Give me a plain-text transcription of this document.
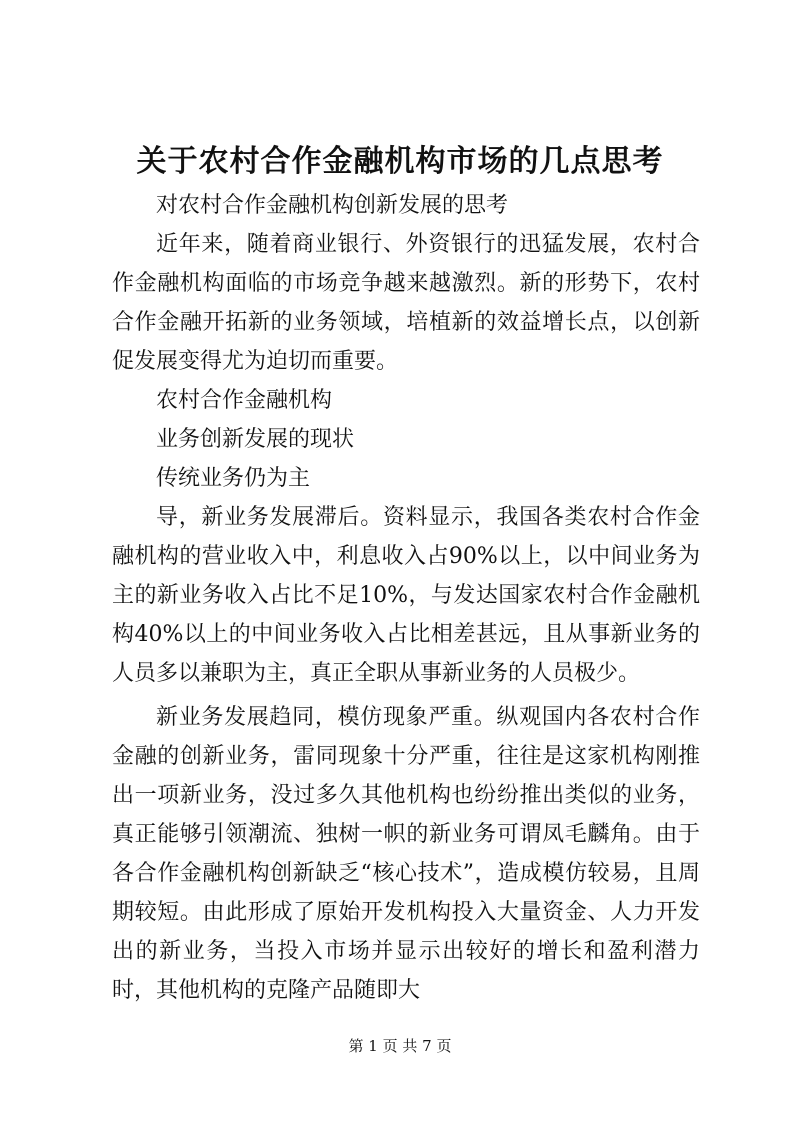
关于农村合作金融机构市场的几点思考

对农村合作金融机构创新发展的思考

近年来，随着商业银行、外资银行的迅猛发展，农村合作金融机构面临的市场竞争越来越激烈。新的形势下，农村合作金融开拓新的业务领域，培植新的效益增长点，以创新促发展变得尤为迫切而重要。

农村合作金融机构

业务创新发展的现状

传统业务仍为主

导，新业务发展滞后。资料显示，我国各类农村合作金融机构的营业收入中，利息收入占90%以上，以中间业务为主的新业务收入占比不足10%，与发达国家农村合作金融机构40%以上的中间业务收入占比相差甚远，且从事新业务的人员多以兼职为主，真正全职从事新业务的人员极少。

新业务发展趋同，模仿现象严重。纵观国内各农村合作金融的创新业务，雷同现象十分严重，往往是这家机构刚推出一项新业务，没过多久其他机构也纷纷推出类似的业务，真正能够引领潮流、独树一帜的新业务可谓凤毛麟角。由于各合作金融机构创新缺乏“核心技术”，造成模仿较易，且周期较短。由此形成了原始开发机构投入大量资金、人力开发出的新业务，当投入市场并显示出较好的增长和盈利潜力时，其他机构的克隆产品随即大

第 1 页 共 7 页
